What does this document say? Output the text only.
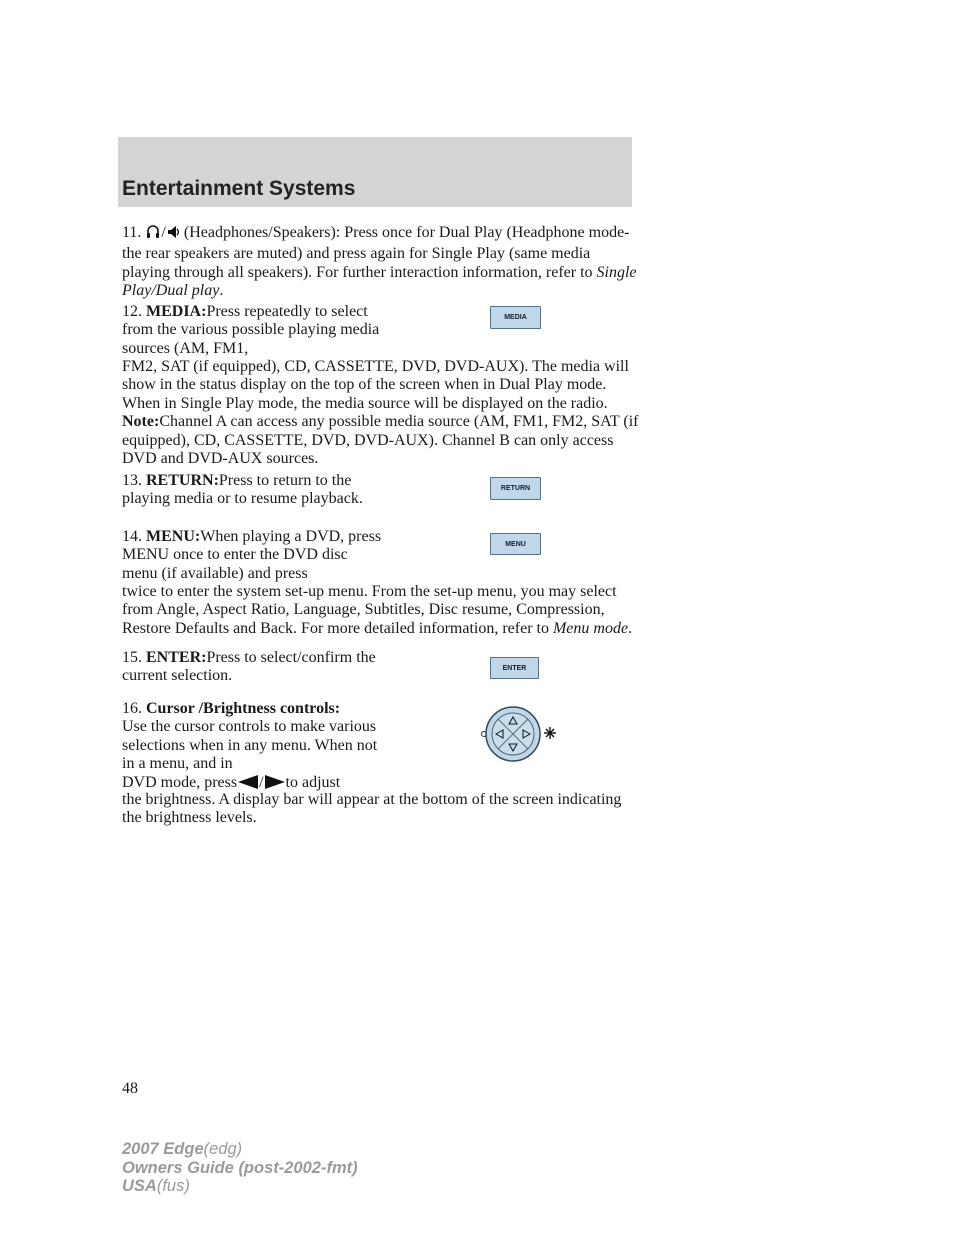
Entertainment Systems

11. / (Headphones/Speakers): Press once for Dual Play (Headphone mode- the rear speakers are muted) and press again for Single Play (same media playing through all speakers). For further interaction information, refer to Single Play/Dual play.

12. MEDIA:Press repeatedly to select from the various possible playing media sources (AM, FM1,

MEDIA

FM2, SAT (if equipped), CD, CASSETTE, DVD, DVD-AUX). The media will show in the status display on the top of the screen when in Dual Play mode. When in Single Play mode, the media source will be displayed on the radio.
Note:Channel A can access any possible media source (AM, FM1, FM2, SAT (if equipped), CD, CASSETTE, DVD, DVD-AUX). Channel B can only access DVD and DVD-AUX sources.

13. RETURN:Press to return to the playing media or to resume playback.

RETURN

14. MENU:When playing a DVD, press MENU once to enter the DVD disc menu (if available) and press

MENU

twice to enter the system set-up menu. From the set-up menu, you may select from Angle, Aspect Ratio, Language, Subtitles, Disc resume, Compression, Restore Defaults and Back. For more detailed information, refer to Menu mode.

15. ENTER:Press to select/confirm the current selection.	ENTER

16. Cursor /Brightness controls:
Use the cursor controls to make various selections when in any menu. When not in a menu, and in
DVD mode, press / to adjust

the brightness. A display bar will appear at the bottom of the screen indicating the brightness levels.

48

2007 Edge(edg)
Owners Guide (post-2002-fmt)
USA(fus)
